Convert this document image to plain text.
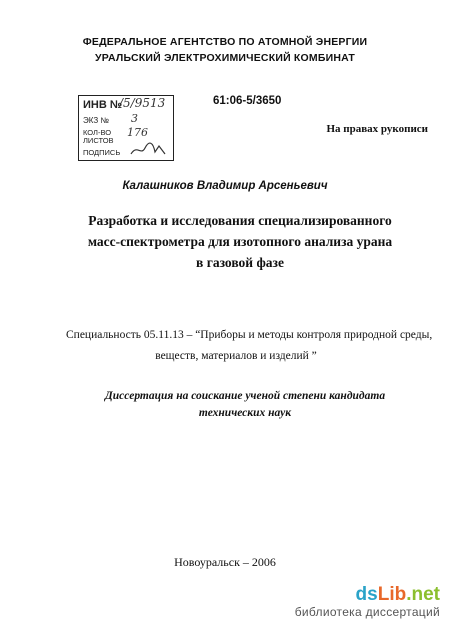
ФЕДЕРАЛЬНОЕ АГЕНТСТВО ПО АТОМНОЙ ЭНЕРГИИ
УРАЛЬСКИЙ ЭЛЕКТРОХИМИЧЕСКИЙ КОМБИНАТ
ИНВ №
/5/9513
ЭКЗ № 3
КОЛ-ВО
ЛИСТОВ
176
ПОДПИСЬ
61:06-5/3650
На правах рукописи
Калашников Владимир Арсеньевич
Разработка и исследования специализированного
масс-спектрометра для изотопного анализа урана
в газовой фазе
Специальность 05.11.13 – “Приборы и методы контроля природной среды,
веществ, материалов и изделий ”
Диссертация на соискание ученой степени кандидата
технических наук
Новоуральск – 2006
dsLib.net
библиотека диссертаций
